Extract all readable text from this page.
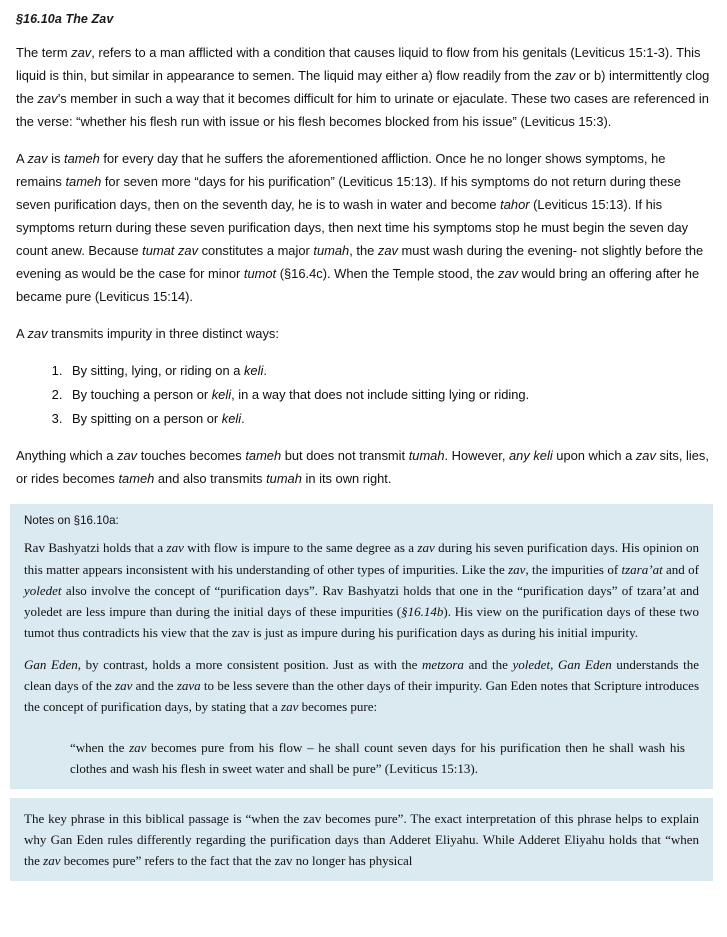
§16.10a The Zav

The term zav, refers to a man afflicted with a condition that causes liquid to flow from his genitals (Leviticus 15:1-3). This liquid is thin, but similar in appearance to semen. The liquid may either a) flow readily from the zav or b) intermittently clog the zav’s member in such a way that it becomes difficult for him to urinate or ejaculate. These two cases are referenced in the verse: “whether his flesh run with issue or his flesh becomes blocked from his issue” (Leviticus 15:3).

A zav is tameh for every day that he suffers the aforementioned affliction. Once he no longer shows symptoms, he remains tameh for seven more “days for his purification” (Leviticus 15:13). If his symptoms do not return during these seven purification days, then on the seventh day, he is to wash in water and become tahor (Leviticus 15:13). If his symptoms return during these seven purification days, then next time his symptoms stop he must begin the seven day count anew. Because tumat zav constitutes a major tumah, the zav must wash during the evening- not slightly before the evening as would be the case for minor tumot (§16.4c). When the Temple stood, the zav would bring an offering after he became pure (Leviticus 15:14).

A zav transmits impurity in three distinct ways:

1. By sitting, lying, or riding on a keli.
2. By touching a person or keli, in a way that does not include sitting lying or riding.
3. By spitting on a person or keli.

Anything which a zav touches becomes tameh but does not transmit tumah. However, any keli upon which a zav sits, lies, or rides becomes tameh and also transmits tumah in its own right.

Notes on §16.10a:

Rav Bashyatzi holds that a zav with flow is impure to the same degree as a zav during his seven purification days. His opinion on this matter appears inconsistent with his understanding of other types of impurities. Like the zav, the impurities of tzara’at and of yoledet also involve the concept of “purification days”. Rav Bashyatzi holds that one in the “purification days” of tzara’at and yoledet are less impure than during the initial days of these impurities (§16.14b). His view on the purification days of these two tumot thus contradicts his view that the zav is just as impure during his purification days as during his initial impurity.

Gan Eden, by contrast, holds a more consistent position. Just as with the metzora and the yoledet, Gan Eden understands the clean days of the zav and the zava to be less severe than the other days of their impurity. Gan Eden notes that Scripture introduces the concept of purification days, by stating that a zav becomes pure:

“when the zav becomes pure from his flow – he shall count seven days for his purification then he shall wash his clothes and wash his flesh in sweet water and shall be pure” (Leviticus 15:13).

The key phrase in this biblical passage is “when the zav becomes pure”. The exact interpretation of this phrase helps to explain why Gan Eden rules differently regarding the purification days than Adderet Eliyahu. While Adderet Eliyahu holds that “when the zav becomes pure” refers to the fact that the zav no longer has physical
